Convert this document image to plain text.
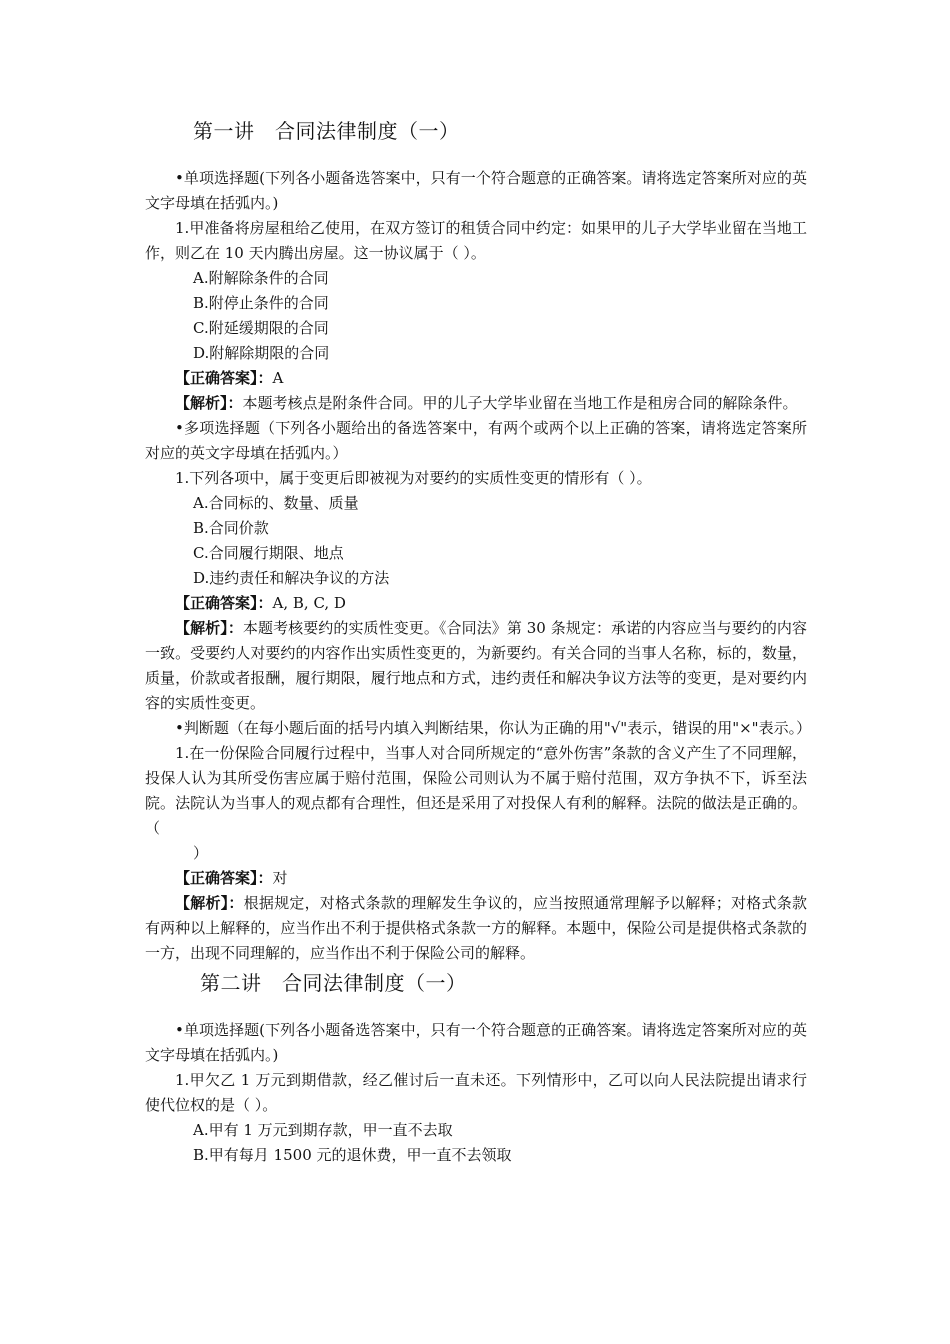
第一讲　合同法律制度（一）

•单项选择题(下列各小题备选答案中，只有一个符合题意的正确答案。请将选定答案所对应的英文字母填在括弧内。)

1.甲准备将房屋租给乙使用，在双方签订的租赁合同中约定：如果甲的儿子大学毕业留在当地工作，则乙在 10 天内腾出房屋。这一协议属于（ ）。

A.附解除条件的合同

B.附停止条件的合同

C.附延缓期限的合同

D.附解除期限的合同

【正确答案】：A

【解析】：本题考核点是附条件合同。甲的儿子大学毕业留在当地工作是租房合同的解除条件。

•多项选择题（下列各小题给出的备选答案中，有两个或两个以上正确的答案，请将选定答案所对应的英文字母填在括弧内。）

1.下列各项中，属于变更后即被视为对要约的实质性变更的情形有（ ）。

A.合同标的、数量、质量

B.合同价款

C.合同履行期限、地点

D.违约责任和解决争议的方法

【正确答案】：A, B, C, D

【解析】：本题考核要约的实质性变更。《合同法》第 30 条规定：承诺的内容应当与要约的内容一致。受要约人对要约的内容作出实质性变更的，为新要约。有关合同的当事人名称，标的，数量，质量，价款或者报酬，履行期限，履行地点和方式，违约责任和解决争议方法等的变更，是对要约内容的实质性变更。

•判断题（在每小题后面的括号内填入判断结果，你认为正确的用"√"表示，错误的用"×"表示。）

1.在一份保险合同履行过程中，当事人对合同所规定的“意外伤害”条款的含义产生了不同理解，投保人认为其所受伤害应属于赔付范围，保险公司则认为不属于赔付范围，双方争执不下，诉至法院。法院认为当事人的观点都有合理性，但还是采用了对投保人有利的解释。法院的做法是正确的。（

）

【正确答案】：对

【解析】：根据规定，对格式条款的理解发生争议的，应当按照通常理解予以解释；对格式条款有两种以上解释的，应当作出不利于提供格式条款一方的解释。本题中，保险公司是提供格式条款的一方，出现不同理解的，应当作出不利于保险公司的解释。

第二讲　合同法律制度（一）

•单项选择题(下列各小题备选答案中，只有一个符合题意的正确答案。请将选定答案所对应的英文字母填在括弧内。)

1.甲欠乙 1 万元到期借款，经乙催讨后一直未还。下列情形中，乙可以向人民法院提出请求行使代位权的是（ ）。

A.甲有 1 万元到期存款，甲一直不去取

B.甲有每月 1500 元的退休费，甲一直不去领取
